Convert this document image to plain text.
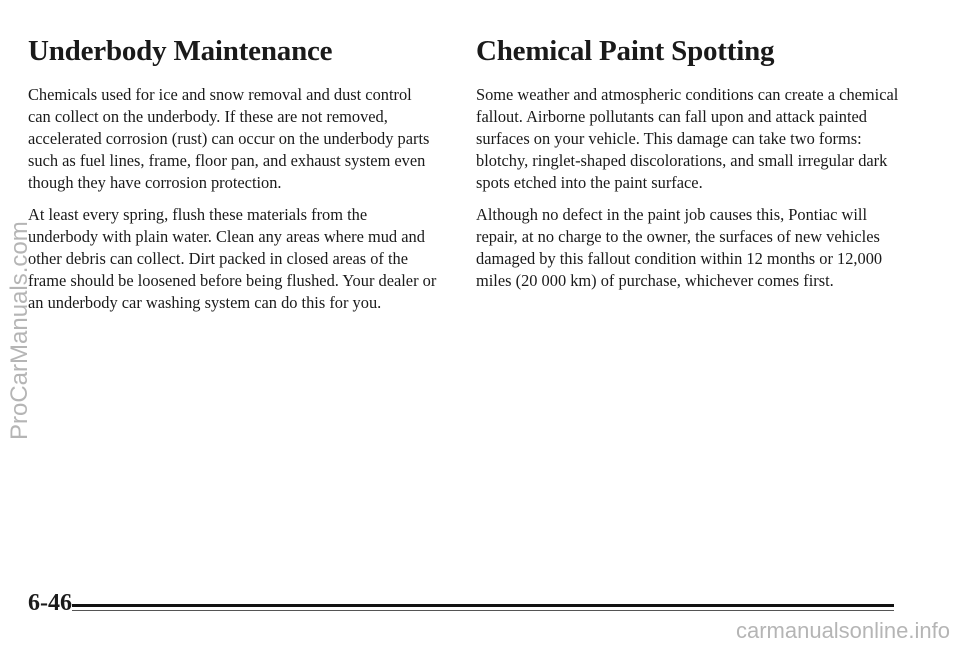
Underbody Maintenance

Chemicals used for ice and snow removal and dust control can collect on the underbody. If these are not removed, accelerated corrosion (rust) can occur on the underbody parts such as fuel lines, frame, floor pan, and exhaust system even though they have corrosion protection.

At least every spring, flush these materials from the underbody with plain water. Clean any areas where mud and other debris can collect. Dirt packed in closed areas of the frame should be loosened before being flushed. Your dealer or an underbody car washing system can do this for you.

Chemical Paint Spotting

Some weather and atmospheric conditions can create a chemical fallout. Airborne pollutants can fall upon and attack painted surfaces on your vehicle. This damage can take two forms: blotchy, ringlet-shaped discolorations, and small irregular dark spots etched into the paint surface.

Although no defect in the paint job causes this, Pontiac will repair, at no charge to the owner, the surfaces of new vehicles damaged by this fallout condition within 12 months or 12,000 miles (20 000 km) of purchase, whichever comes first.

6-46
ProCarManuals.com
carmanualsonline.info
